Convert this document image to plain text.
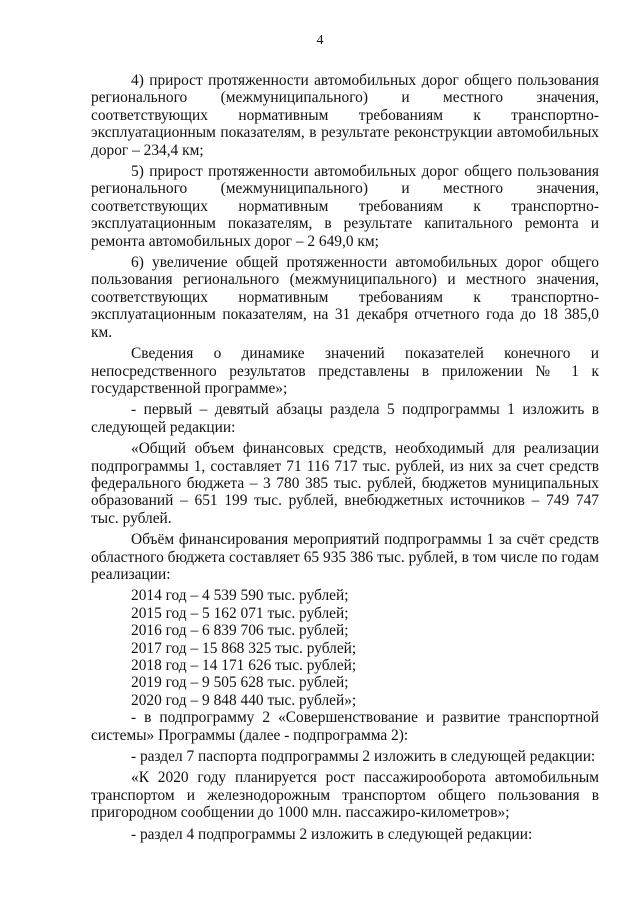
4

4) прирост протяженности автомобильных дорог общего пользования регионального (межмуниципального) и местного значения, соответствующих нормативным требованиям к транспортно-эксплуатационным показателям, в результате реконструкции автомобильных дорог – 234,4 км;

5) прирост протяженности автомобильных дорог общего пользования регионального (межмуниципального) и местного значения, соответствующих нормативным требованиям к транспортно-эксплуатационным показателям, в результате капитального ремонта и ремонта автомобильных дорог – 2 649,0 км;

6) увеличение общей протяженности автомобильных дорог общего пользования регионального (межмуниципального) и местного значения, соответствующих нормативным требованиям к транспортно-эксплуатационным показателям, на 31 декабря отчетного года до 18 385,0 км.

Сведения о динамике значений показателей конечного и непосредственного результатов представлены в приложении № 1 к государственной программе»;

- первый – девятый абзацы раздела 5 подпрограммы 1 изложить в следующей редакции:

«Общий объем финансовых средств, необходимый для реализации подпрограммы 1, составляет 71 116 717 тыс. рублей, из них за счет средств федерального бюджета – 3 780 385 тыс. рублей, бюджетов муниципальных образований – 651 199 тыс. рублей, внебюджетных источников – 749 747 тыс. рублей.

Объём финансирования мероприятий подпрограммы 1 за счёт средств областного бюджета составляет 65 935 386 тыс. рублей, в том числе по годам реализации:

2014 год – 4 539 590 тыс. рублей;

2015 год – 5 162 071 тыс. рублей;

2016 год – 6 839 706 тыс. рублей;

2017 год – 15 868 325 тыс. рублей;

2018 год – 14 171 626 тыс. рублей;

2019 год – 9 505 628 тыс. рублей;

2020 год – 9 848 440 тыс. рублей»;

- в подпрограмму 2 «Совершенствование и развитие транспортной системы» Программы (далее - подпрограмма 2):

- раздел 7 паспорта подпрограммы 2 изложить в следующей редакции:

«К 2020 году планируется рост пассажирооборота автомобильным транспортом и железнодорожным транспортом общего пользования в пригородном сообщении до 1000 млн. пассажиро-километров»;

- раздел 4 подпрограммы 2 изложить в следующей редакции:
